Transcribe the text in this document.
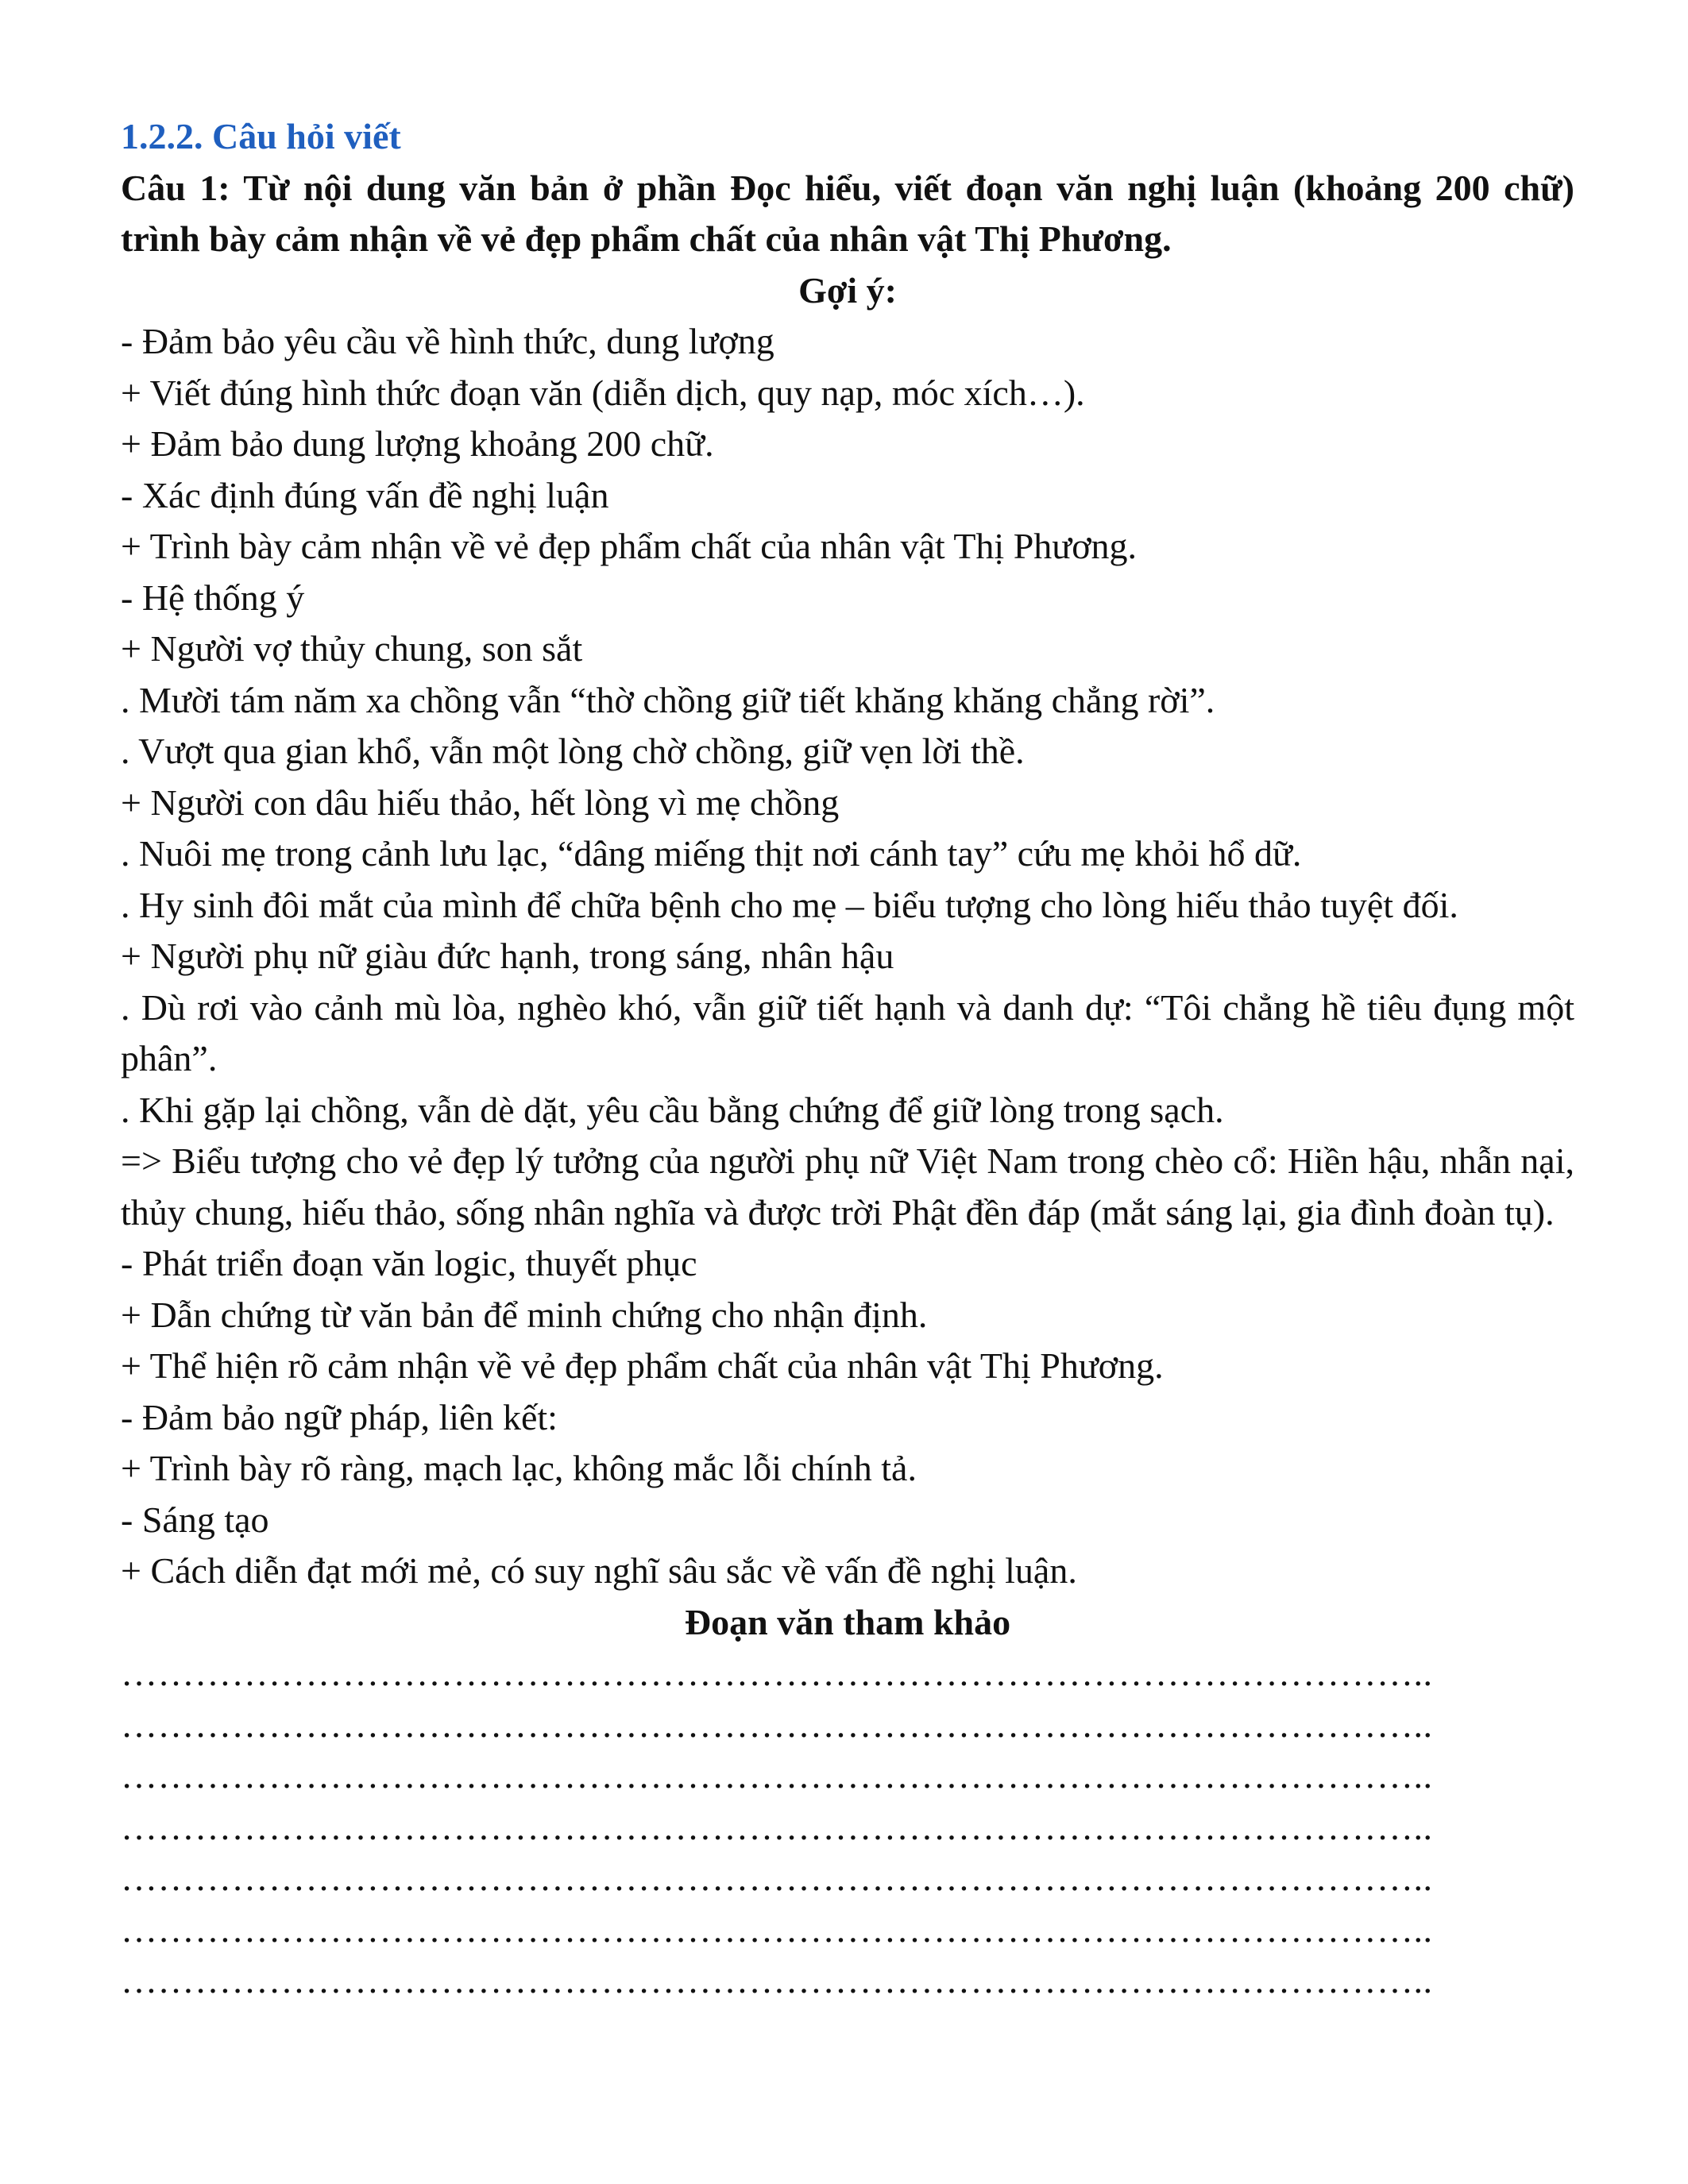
1.2.2. Câu hỏi viết
Câu 1: Từ nội dung văn bản ở phần Đọc hiểu, viết đoạn văn nghị luận (khoảng 200 chữ) trình bày cảm nhận về vẻ đẹp phẩm chất của nhân vật Thị Phương.
Gợi ý:
- Đảm bảo yêu cầu về hình thức, dung lượng
+ Viết đúng hình thức đoạn văn (diễn dịch, quy nạp, móc xích…).
+ Đảm bảo dung lượng khoảng 200 chữ.
- Xác định đúng vấn đề nghị luận
+ Trình bày cảm nhận về vẻ đẹp phẩm chất của nhân vật Thị Phương.
- Hệ thống ý
+ Người vợ thủy chung, son sắt
. Mười tám năm xa chồng vẫn “thờ chồng giữ tiết khăng khăng chẳng rời”.
. Vượt qua gian khổ, vẫn một lòng chờ chồng, giữ vẹn lời thề.
+ Người con dâu hiếu thảo, hết lòng vì mẹ chồng
. Nuôi mẹ trong cảnh lưu lạc, “dâng miếng thịt nơi cánh tay” cứu mẹ khỏi hổ dữ.
. Hy sinh đôi mắt của mình để chữa bệnh cho mẹ – biểu tượng cho lòng hiếu thảo tuyệt đối.
+ Người phụ nữ giàu đức hạnh, trong sáng, nhân hậu
. Dù rơi vào cảnh mù lòa, nghèo khó, vẫn giữ tiết hạnh và danh dự: “Tôi chẳng hề tiêu đụng một phân”.
. Khi gặp lại chồng, vẫn dè dặt, yêu cầu bằng chứng để giữ lòng trong sạch.
=> Biểu tượng cho vẻ đẹp lý tưởng của người phụ nữ Việt Nam trong chèo cổ: Hiền hậu, nhẫn nại, thủy chung, hiếu thảo, sống nhân nghĩa và được trời Phật đền đáp (mắt sáng lại, gia đình đoàn tụ).
- Phát triển đoạn văn logic, thuyết phục
+ Dẫn chứng từ văn bản để minh chứng cho nhận định.
+ Thể hiện rõ cảm nhận về vẻ đẹp phẩm chất của nhân vật Thị Phương.
- Đảm bảo ngữ pháp, liên kết:
+ Trình bày rõ ràng, mạch lạc, không mắc lỗi chính tả.
- Sáng tạo
+ Cách diễn đạt mới mẻ, có suy nghĩ sâu sắc về vấn đề nghị luận.
Đoạn văn tham khảo
……………………………………………………………………………………………..
……………………………………………………………………………………………..
……………………………………………………………………………………………..
……………………………………………………………………………………………..
……………………………………………………………………………………………..
……………………………………………………………………………………………..
……………………………………………………………………………………………..
